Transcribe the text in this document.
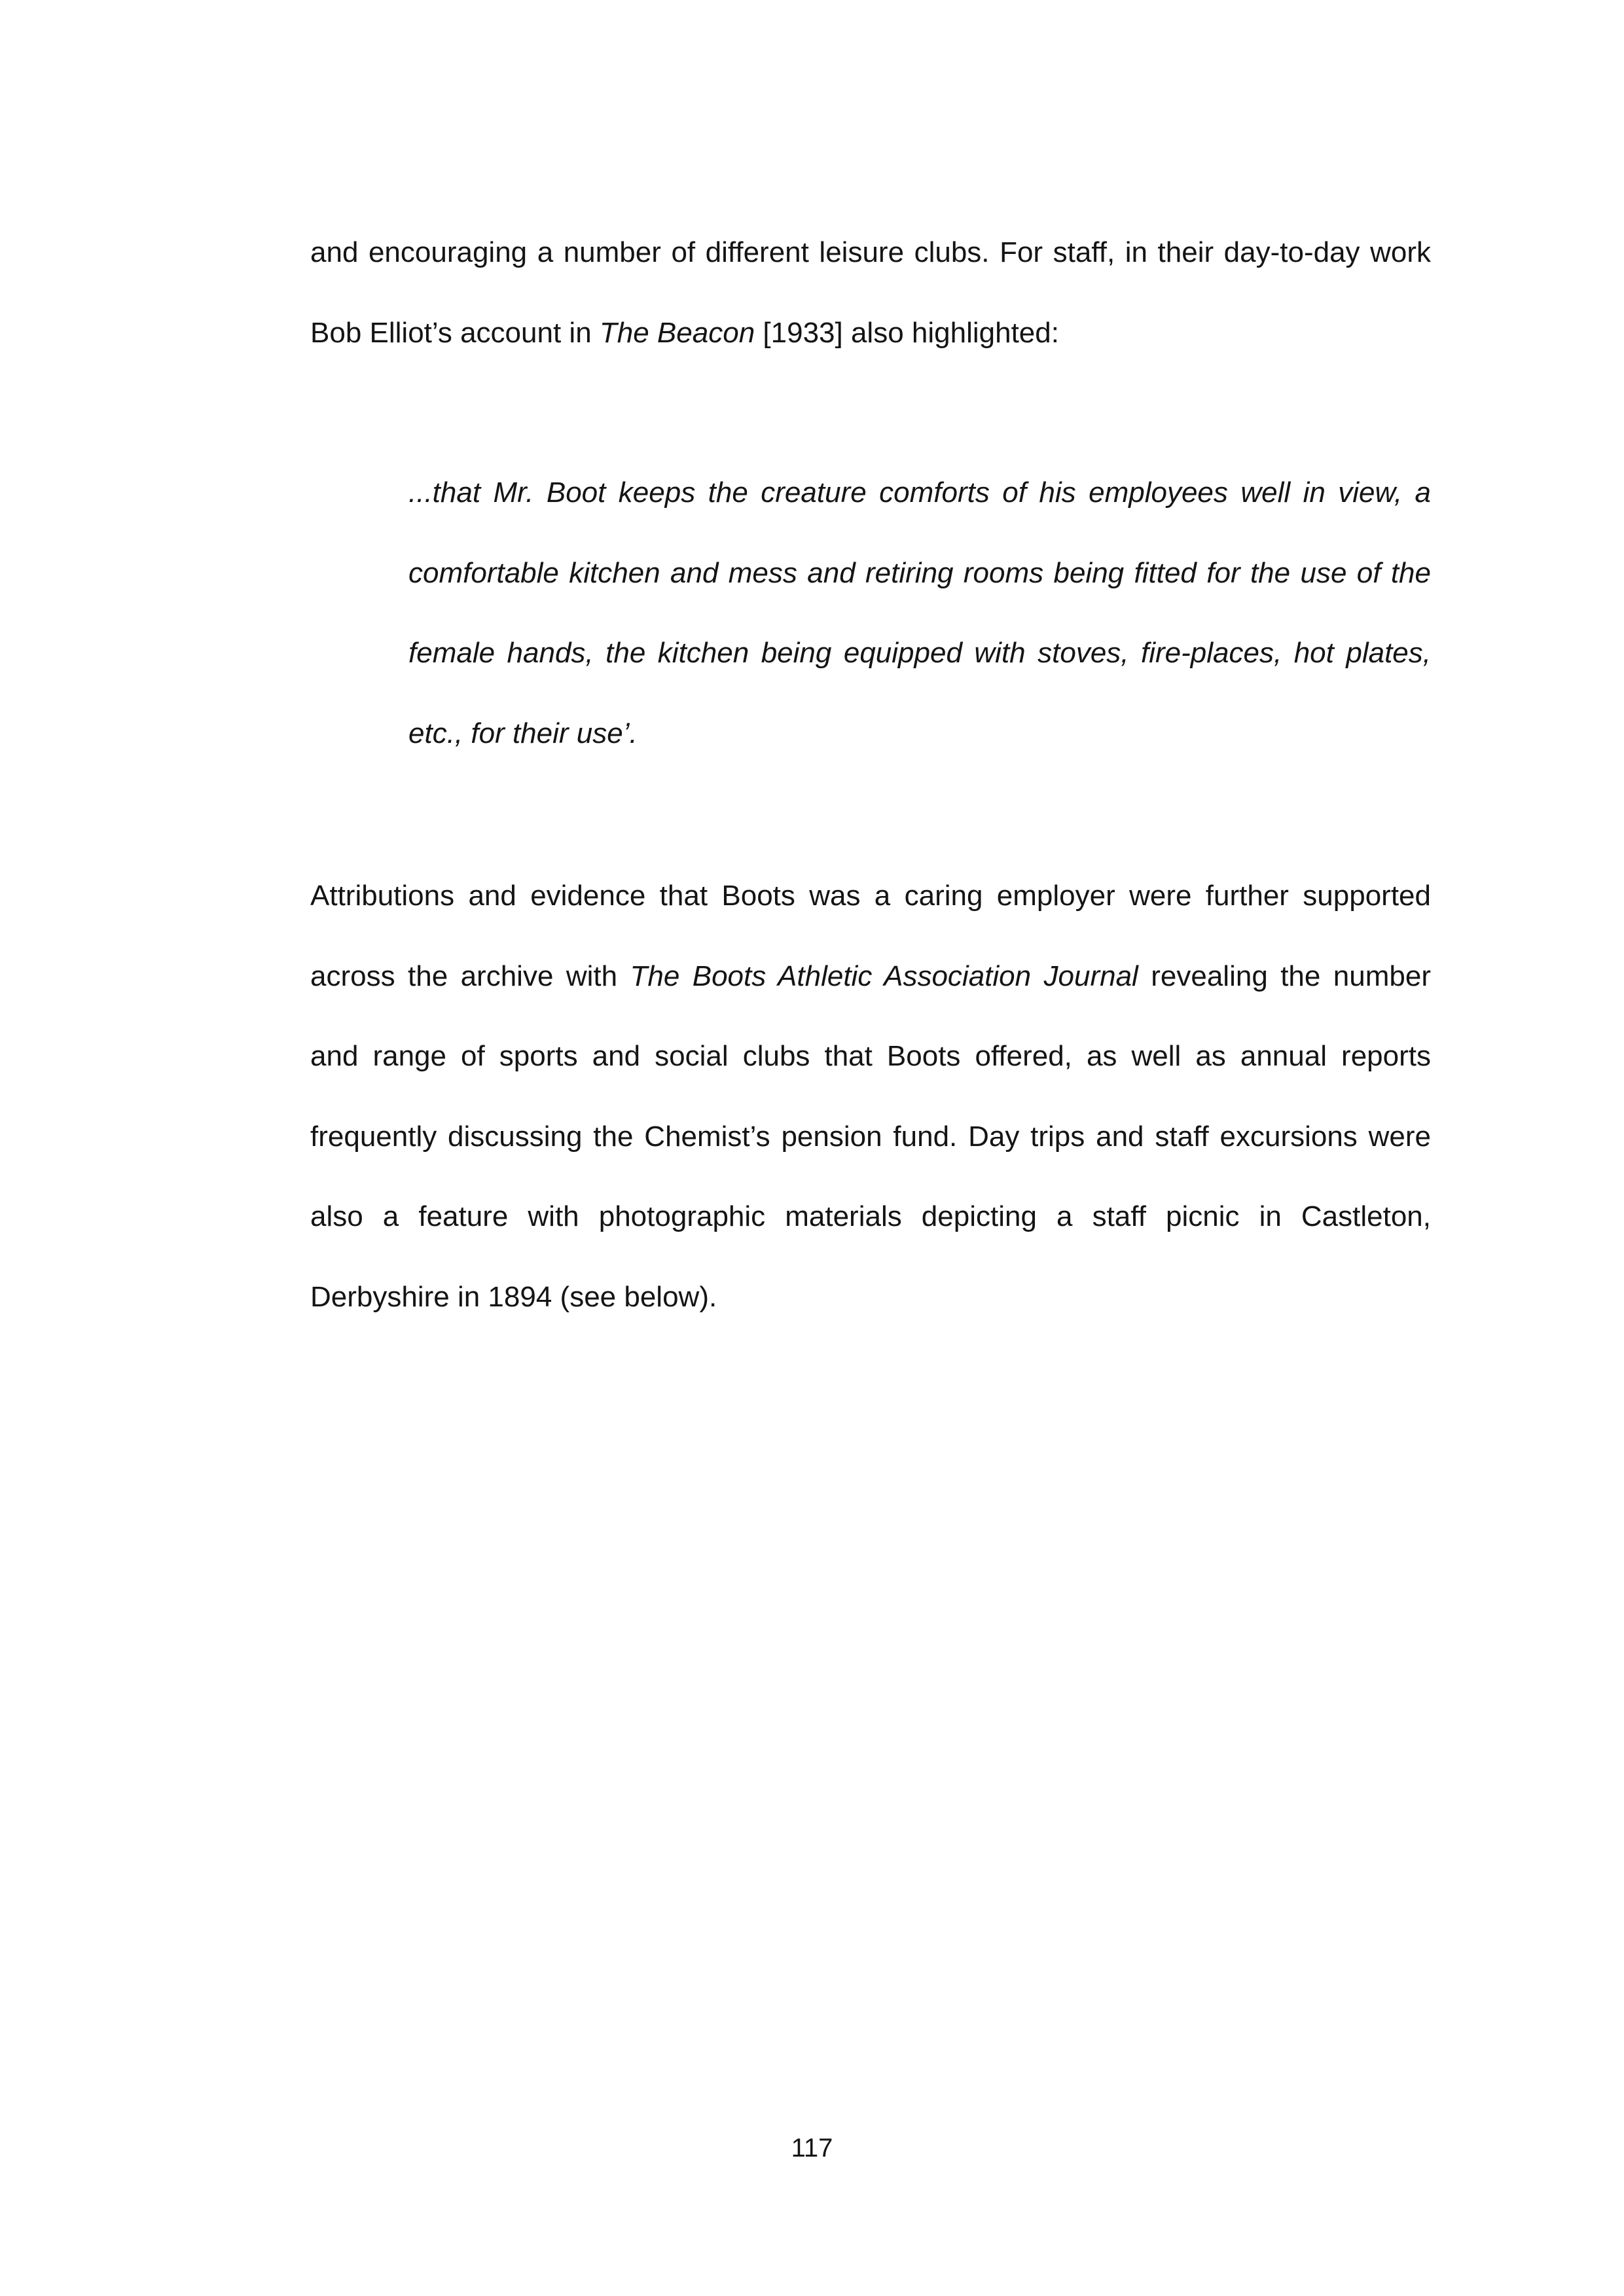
and encouraging a number of different leisure clubs. For staff, in their day-to-day work Bob Elliot’s account in The Beacon [1933] also highlighted:

...that Mr. Boot keeps the creature comforts of his employees well in view, a comfortable kitchen and mess and retiring rooms being fitted for the use of the female hands, the kitchen being equipped with stoves, fire-places, hot plates, etc., for their use’.

Attributions and evidence that Boots was a caring employer were further supported across the archive with The Boots Athletic Association Journal revealing the number and range of sports and social clubs that Boots offered, as well as annual reports frequently discussing the Chemist’s pension fund. Day trips and staff excursions were also a feature with photographic materials depicting a staff picnic in Castleton, Derbyshire in 1894 (see below).

117
